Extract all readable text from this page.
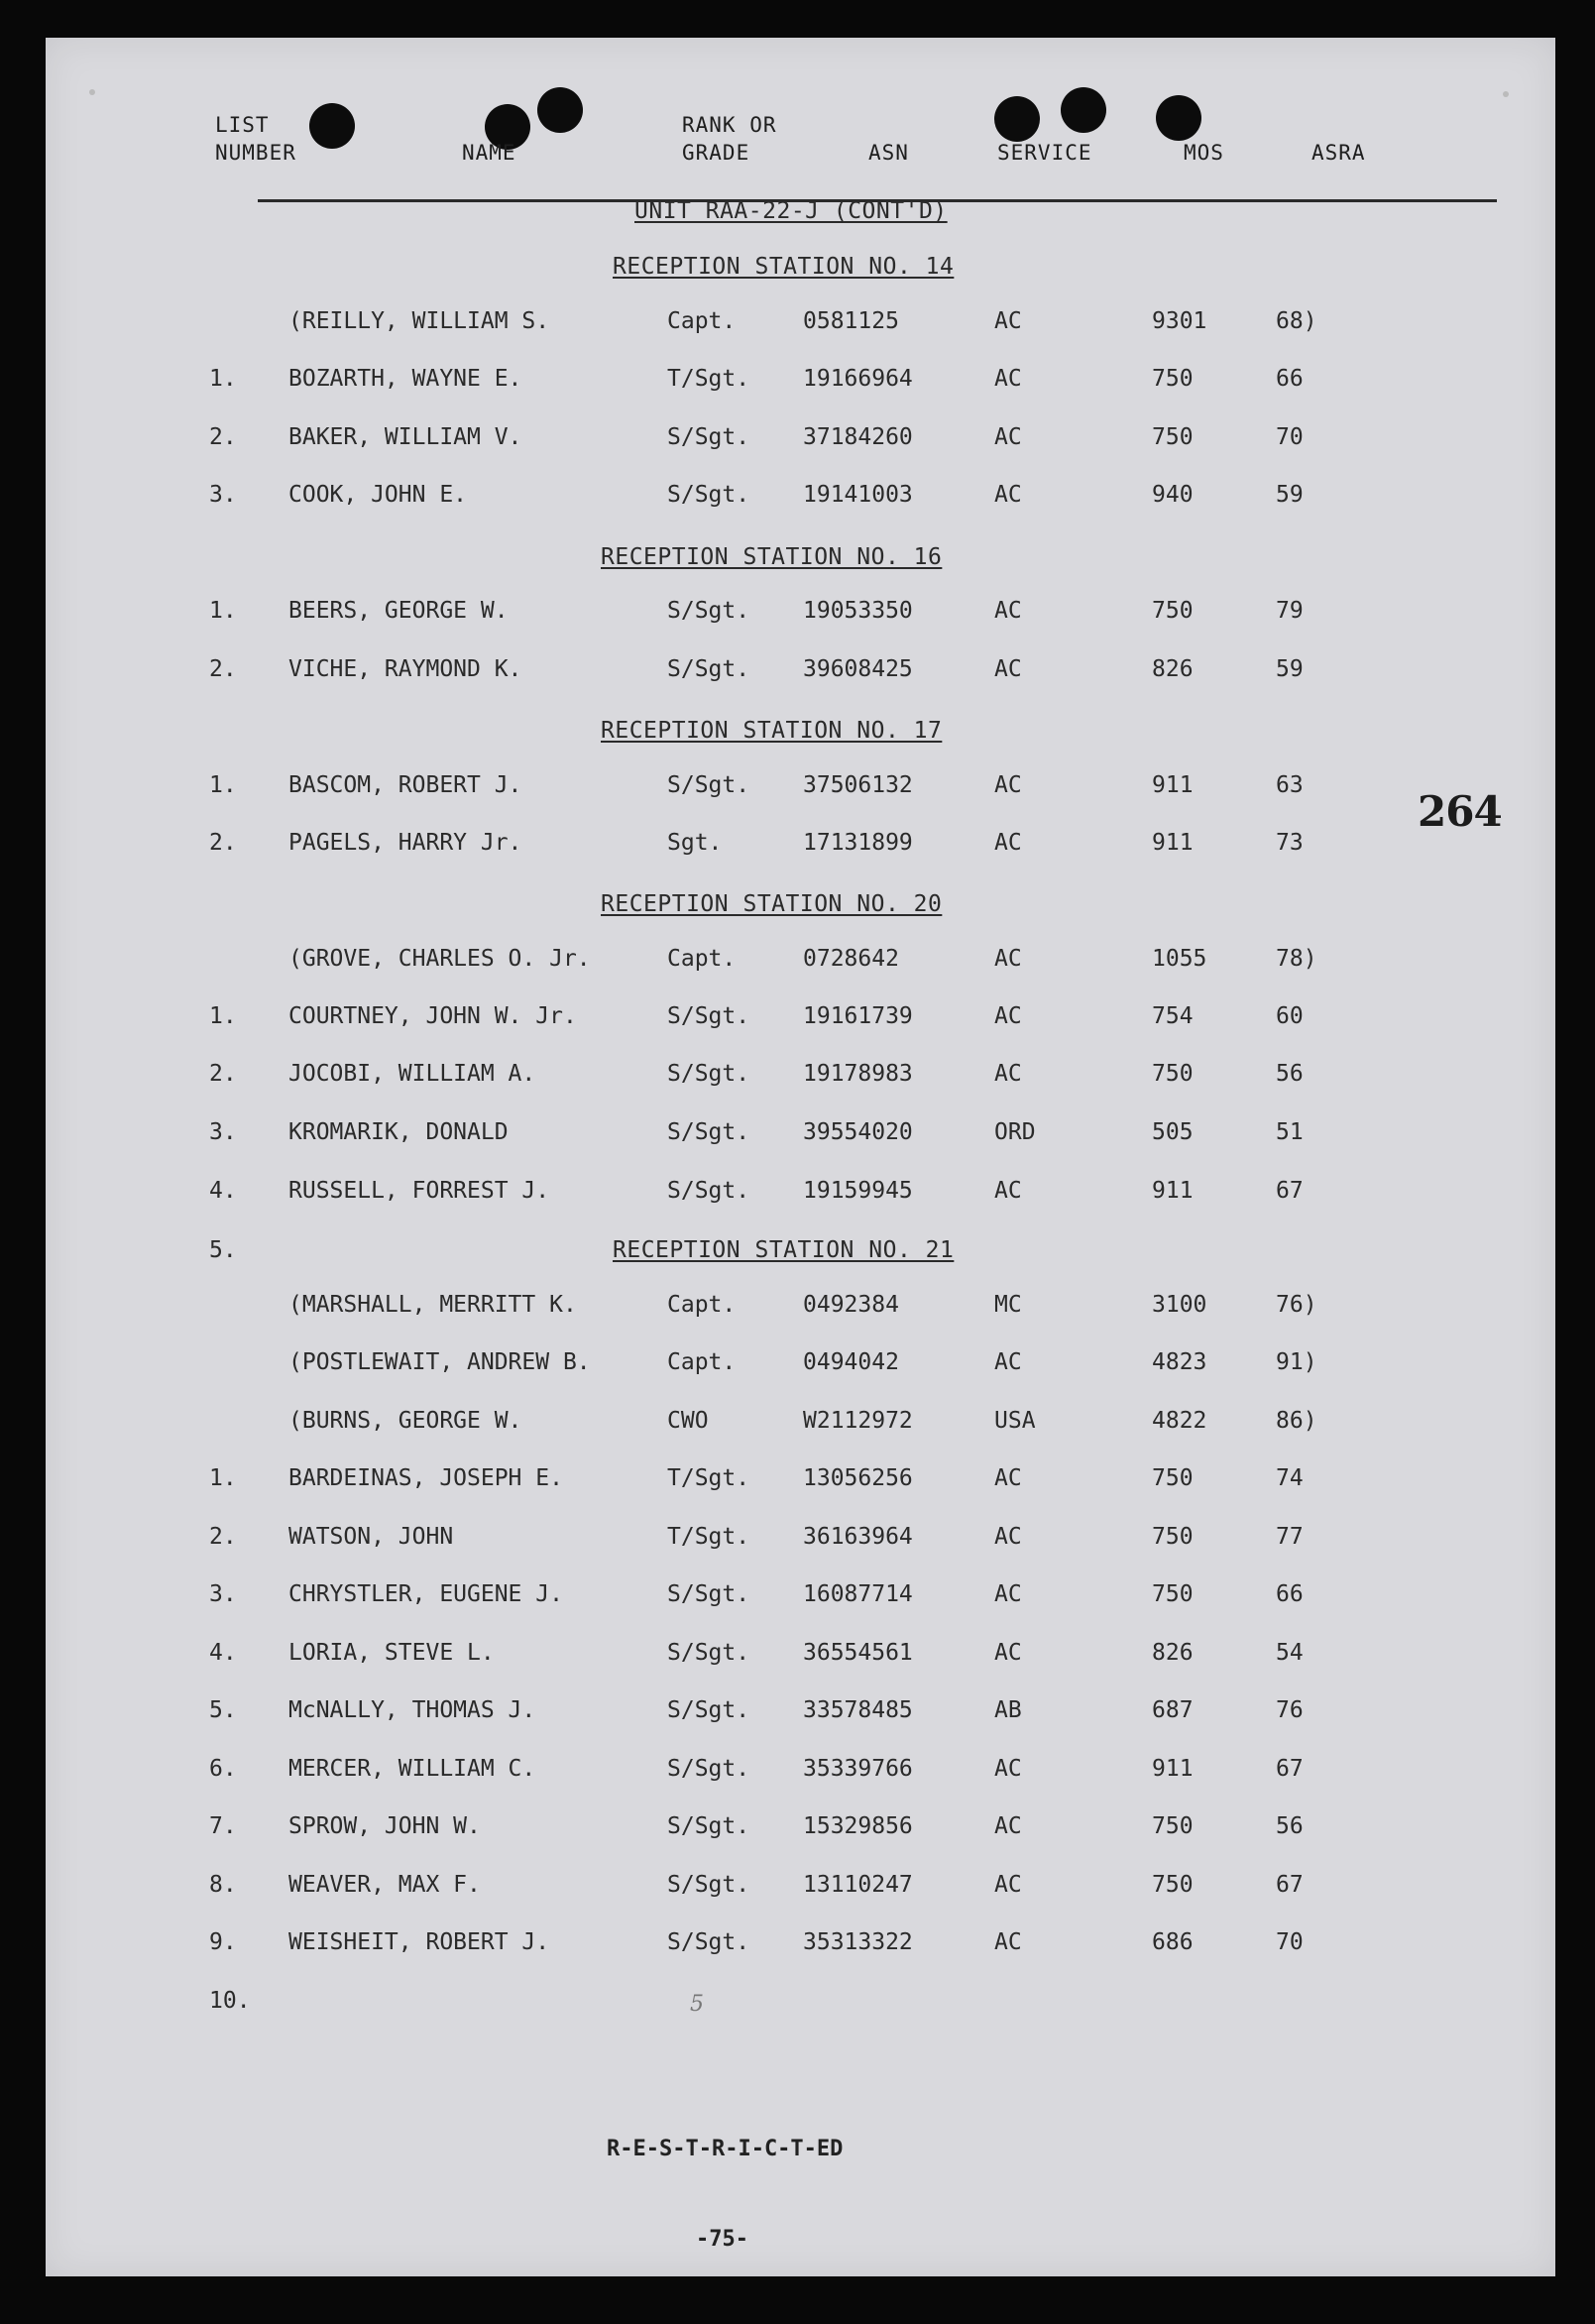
LIST
NUMBER	NAME
RANK OR
GRADE	ASN	SERVICE	MOS	ASRA
UNIT RAA-22-J (CONT'D)
RECEPTION STATION NO. 14
(REILLY, WILLIAM S.	Capt.	0581125	AC	9301	68)
1. BOZARTH, WAYNE E.	T/Sgt. 19166964	AC	750	66
2. BAKER, WILLIAM V.	S/Sgt. 37184260	AC	750	70
3. COOK, JOHN E.	S/Sgt. 19141003	AC	940	59
RECEPTION STATION NO. 16
1. BEERS, GEORGE W.	S/Sgt. 19053350	AC	750	79
2. VICHE, RAYMOND K.	S/Sgt. 39608425	AC	826	59
RECEPTION STATION NO. 17
1. BASCOM, ROBERT J.	S/Sgt. 37506132	AC	911	63
2. PAGELS, HARRY Jr.	Sgt.	17131899	AC	911	73
RECEPTION STATION NO. 20
(GROVE, CHARLES O. Jr.	Capt.	0728642	AC	1055	78)
1. COURTNEY, JOHN W. Jr.	S/Sgt. 19161739	AC	754	60
2. JOCOBI, WILLIAM A.	S/Sgt. 19178983	AC	750	56
3. KROMARIK, DONALD	S/Sgt. 39554020	ORD	505	51
4. RUSSELL, FORREST J.	S/Sgt. 19159945	AC	911	67
5.	RECEPTION STATION NO. 21
(MARSHALL, MERRITT K.	Capt.	0492384	MC	3100	76)
(POSTLEWAIT, ANDREW B.	Capt.	0494042	AC	4823	91)
(BURNS, GEORGE W.	CWO	W2112972	USA	4822	86)
1. BARDEINAS, JOSEPH E.	T/Sgt. 13056256	AC	750	74
2. WATSON, JOHN	T/Sgt. 36163964	AC	750	77
3. CHRYSTLER, EUGENE J.	S/Sgt. 16087714	AC	750	66
4. LORIA, STEVE L.	S/Sgt. 36554561	AC	826	54
5. McNALLY, THOMAS J.	S/Sgt. 33578485	AB	687	76
6. MERCER, WILLIAM C.	S/Sgt. 35339766	AC	911	67
7. SPROW, JOHN W.	S/Sgt. 15329856	AC	750	56
8. WEAVER, MAX F.	S/Sgt. 13110247	AC	750	67
9. WEISHEIT, ROBERT J.	S/Sgt. 35313322	AC	686	70
10.
264
5
R-E-S-T-R-I-C-T-ED
-75-
